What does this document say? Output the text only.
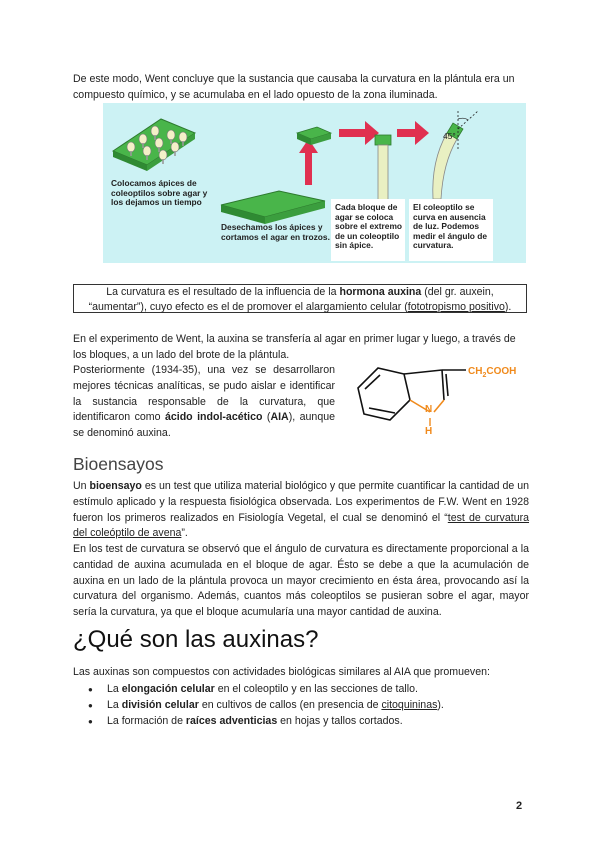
De este modo, Went concluye que la sustancia que causaba la curvatura en la plántula era un compuesto químico, y se acumulaba en el lado opuesto de la zona iluminada.

Colocamos ápices de coleoptilos sobre agar y los dejamos un tiempo

Desechamos los ápices y cortamos el agar en trozos.

Cada bloque de agar se coloca sobre el extremo de un coleoptilo sin ápice.

El coleoptilo se curva en ausencia de luz. Podemos medir el ángulo de curvatura.

45°
La curvatura es el resultado de la influencia de la hormona auxina (del gr. auxein, “aumentar”), cuyo efecto es el de promover el alargamiento celular (fototropismo positivo).

En el experimento de Went, la auxina se transfería al agar en primer lugar y luego, a través de los bloques, a un lado del brote de la plántula.

Posteriormente (1934-35), una vez se desarrollaron mejores técnicas analíticas, se pudo aislar e identificar la sustancia responsable de la curvatura, que identificaron como ácido indol-acético (AIA), aunque se denominó auxina.

$CH_2COOH$
N
H
Bioensayos

Un bioensayo es un test que utiliza material biológico y que permite cuantificar la cantidad de un estímulo aplicado y la respuesta fisiológica observada. Los experimentos de F.W. Went en 1928 fueron los primeros realizados en Fisiología Vegetal, el cual se denominó el “test de curvatura del coleóptilo de avena”.

En los test de curvatura se observó que el ángulo de curvatura es directamente proporcional a la cantidad de auxina acumulada en el bloque de agar. Ésto se debe a que la acumulación de auxina en un lado de la plántula provoca un mayor crecimiento en ésta área, provocando así la curvatura del organismo. Además, cuantos más coleoptilos se pusieran sobre el agar, mayor sería la curvatura, ya que el bloque acumularía una mayor cantidad de auxina.

¿Qué son las auxinas?

Las auxinas son compuestos con actividades biológicas similares al AIA que promueven:

● La elongación celular en el coleoptilo y en las secciones de tallo.
● La división celular en cultivos de callos (en presencia de citoquininas).
● La formación de raíces adventicias en hojas y tallos cortados.
2
